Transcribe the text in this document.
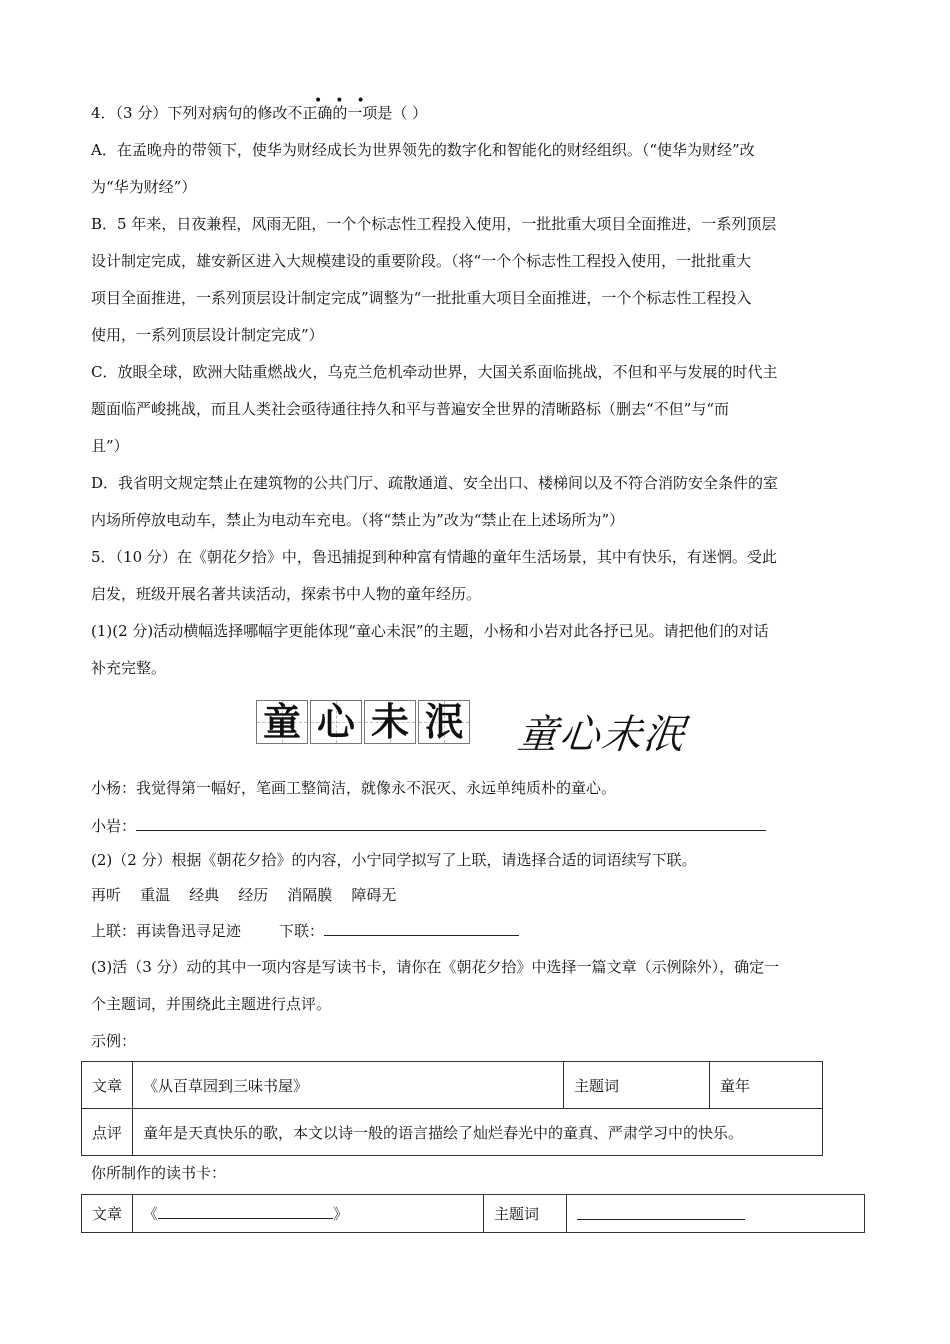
4．（3 分）下列对病句的修改不正确的一项是（ ）
•••
A．在孟晚舟的带领下，使华为财经成长为世界领先的数字化和智能化的财经组织。（“使华为财经”改
为“华为财经”）
B．5 年来，日夜兼程，风雨无阻，一个个标志性工程投入使用，一批批重大项目全面推进，一系列顶层
设计制定完成，雄安新区进入大规模建设的重要阶段。（将“一个个标志性工程投入使用，一批批重大
项目全面推进，一系列顶层设计制定完成”调整为“一批批重大项目全面推进，一个个标志性工程投入
使用，一系列顶层设计制定完成”）
C．放眼全球，欧洲大陆重燃战火，乌克兰危机牵动世界，大国关系面临挑战，不但和平与发展的时代主
题面临严峻挑战，而且人类社会亟待通往持久和平与普遍安全世界的清晰路标（删去“不但”与“而
且”）
D．我省明文规定禁止在建筑物的公共门厅、疏散通道、安全出口、楼梯间以及不符合消防安全条件的室
内场所停放电动车，禁止为电动车充电。（将“禁止为”改为“禁止在上述场所为”）
5．（10 分）在《朝花夕拾》中，鲁迅捕捉到种种富有情趣的童年生活场景，其中有快乐，有迷惘。受此
启发，班级开展名著共读活动，探索书中人物的童年经历。
(1)(2 分)活动横幅选择哪幅字更能体现“童心未泯”的主题，小杨和小岩对此各抒已见。请把他们的对话
补充完整。
童 心 未 泯 童心未泯
小杨：我觉得第一幅好，笔画工整简洁，就像永不泯灭、永远单纯质朴的童心。
小岩：
(2)（2 分）根据《朝花夕拾》的内容，小宁同学拟写了上联，请选择合适的词语续写下联。
再听    重温    经典    经历    消隔膜    障碍无
上联：再读鲁迅寻足迹	下联：
(3)活（3 分）动的其中一项内容是写读书卡，请你在《朝花夕拾》中选择一篇文章（示例除外），确定一
个主题词，并围绕此主题进行点评。
示例：
文章	《从百草园到三味书屋》	主题词	童年
点评	童年是天真快乐的歌，本文以诗一般的语言描绘了灿烂春光中的童真、严肃学习中的快乐。		
你所制作的读书卡：
文章	《	》	主题词	
